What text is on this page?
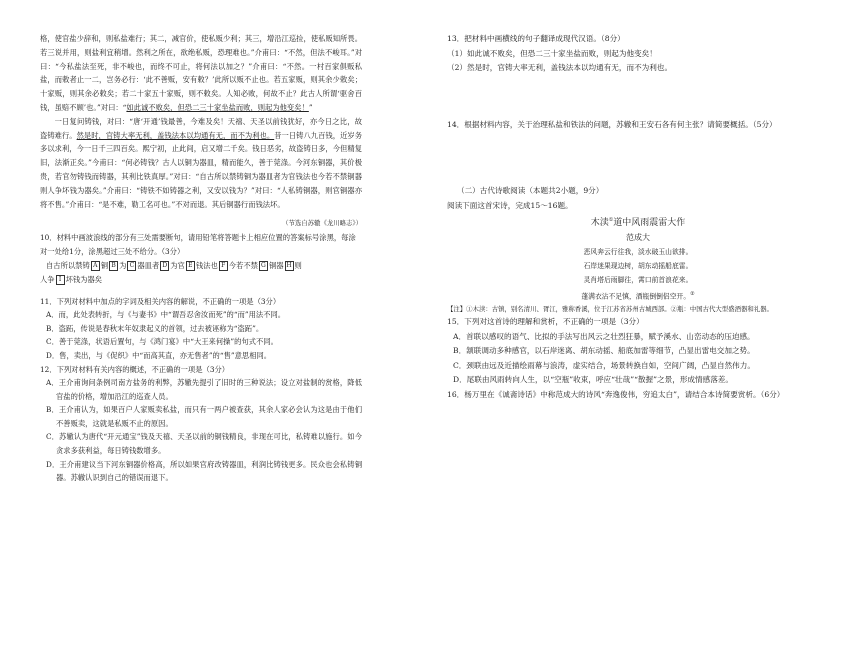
格，使官盐少辞和，则私盐难行；其二，减官价，使私贩少利；其三，增沿江巡捡，使私贩知所畏。若三说并用，则盐利宜稍增。然利之所在，欲绝私贩，恐理难也。”介甫曰：“不然，但法不峻耳。”对曰：“今私盐法至死，非不峻也，而终不可止，将何法以加之？”介甫曰：“不然。一村百家俱贩私盐，而敕者止一二，岂务必行：‘此不善贩，安有敕？’此所以贩不止也。若五家贩，则其余少敕矣；十家贩，则其余必敕矣；若二十家五十家贩，则不敕矣。人知必败，何故不止？此古人所谓‘驱舍百钱，虽赔不顾’也。”对曰：“如此诚不败矣，但恐二三十家坐盐而败，则起为他变矣！”

一日复问铸钱，对曰：“唐‘开通’钱最善，今难及矣！天禧、天圣以前钱犹好，亦今日之比，故盗铸难行。然是时，官铸大率无利，盖钱法本以均通有无，而不为利也。昔一日铸八九百钱，近岁务多以求利，今一日千三四百矣。熙宁初，止此间，启又增二千矣。钱日恶劣，故盗铸日多，今但精复旧，法渐正矣。”今甫曰：“何必铸钱？古人以铜为器皿，精而能久，善于莞涤。今河东铜器，其价极贵，若官勿铸钱而铸器，其利比铁真厚。”对曰：“自古所以禁铸铜为器皿者为官钱法也今若不禁铜器则人争坏钱为器矣。”介甫曰：“铸铁不如铸器之利，又安以钱为？”对曰：“人私铸铜器，则官铜器亦将不售。”介甫曰：“是不难，勒工名可也。”不对而退。其后铜器行而钱法坏。

（节选自苏辙《龙川略志》）

10．材料中画波浪线的部分有三处需要断句，请用铅笔将答题卡上相应位置的答案标号涂黑，每涂对一处给1分，涂黑超过三处不给分。（3分）

自古所以禁铸 A 铜 B 为 C 器皿者 D 为官 E 钱法也 F 今若不禁 G 铜器 H 则
人争 I 坏钱为器矣

11．下列对材料中加点的字词及相关内容的解说，不正确的一项是（3分）

A．而，此处表转折，与《与妻书》中“谓吾忍舍汝而死”的“而”用法不同。

B．盗跖，传说是春秋末年奴隶起义的首领，过去被诬称为“盗跖”。

C．善于莞涤，状语后置句，与《鸿门宴》中“大王来何操”的句式不同。

D．售，卖出，与《促织》中“而高其直，亦无售者”的“售”意思相同。

12．下列对材料有关内容的概述，不正确的一项是（3分）

A．王介甫询问条例司南方盐务的利弊，苏辙先提引了旧时的三种说法；设立对盐制的赏格，降低官盐的价格，增加沿江的巡查人员。

B．王介甫认为，如果百户人家贩卖私盐，而只有一两户被查获，其余人家必会认为这是由于他们不善贩卖，这就是私贩不止的原因。

C．苏辙认为唐代“开元通宝”钱及天禧、天圣以前的铜钱精良，非现在可比，私铸难以施行。如今贪求多获利益，每日铸钱数增多。

D．王介甫建议当下河东铜器价格高，所以如果官府改铸器皿，利润比铸钱更多。民众也会私铸铜器。苏辙认识到自己的错误而退下。

13．把材料中画横线的句子翻译成现代汉语。（8分）

（1）如此诚不败矣，但恐二三十家坐盐而败，则起为他变矣！

（2）然是时，官铸大率无利，盖钱法本以均通有无，而不为利也。

14．根据材料内容，关于治理私盐和铁法的问题，苏辙和王安石各有何主张？请简要概括。（5分）

（二）古代诗歌阅读（本题共2小题，9分）

阅读下面这首宋诗，完成15～16题。

木渎①道中风雨震雷大作

范成大

恶风奔云行往我，淡水破玉山欲排。

石岸迷果现边树，胡东动摇船底雷。

灵肖塔后雨脚往，霄口前首浪花来。

蓬满衣沾不足慎，酒瓶倒倒侣空开。②

【注】①木渎：古镇，别名清川、胥江，雅称香溪，位于江苏省苏州古城西部。②瓶：中国古代大型盛酒器和礼器。

15．下列对这首诗的理解和赏析，不正确的一项是（3分）

A．首联以感叹的语气、比拟的手法写出风云之壮烈狂暴，赋予溪水、山峦动态的压迫感。

B．颔联调动多种感官，以石岸迷离、胡东动摇、船底加雷等细节，凸显出雷电交加之势。

C．颈联由远及近描绘雨幕与浪涛，虚实结合，场景转换自如，空间广阔，凸显自然伟力。

D．尾联由风雨转向人生，以“空瓶”收束，呼应“壮哉”“散握”之景，形成情感落差。

16．杨万里在《诚斋诗话》中称范成大的诗风“奔逸俊伟，穷追太白”，请结合本诗简要赏析。（6分）
